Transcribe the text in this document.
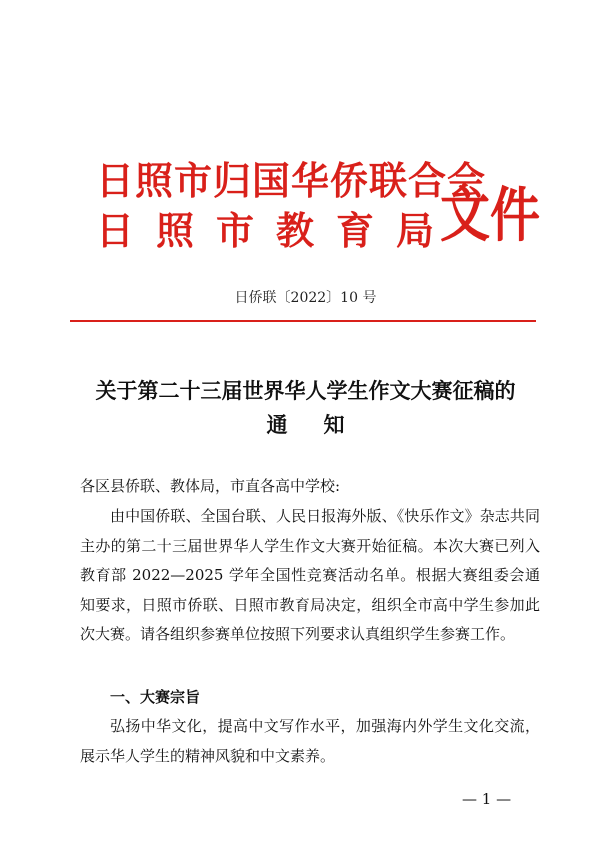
日照市归国华侨联合会
日照市教育局
文件
日侨联〔2022〕10 号
关于第二十三届世界华人学生作文大赛征稿的
通知
各区县侨联、教体局，市直各高中学校:
由中国侨联、全国台联、人民日报海外版、《快乐作文》杂志共同主办的第二十三届世界华人学生作文大赛开始征稿。本次大赛已列入教育部 2022—2025 学年全国性竞赛活动名单。根据大赛组委会通知要求，日照市侨联、日照市教育局决定，组织全市高中学生参加此次大赛。请各组织参赛单位按照下列要求认真组织学生参赛工作。
一、大赛宗旨
弘扬中华文化，提高中文写作水平，加强海内外学生文化交流，展示华人学生的精神风貌和中文素养。
— 1 —
